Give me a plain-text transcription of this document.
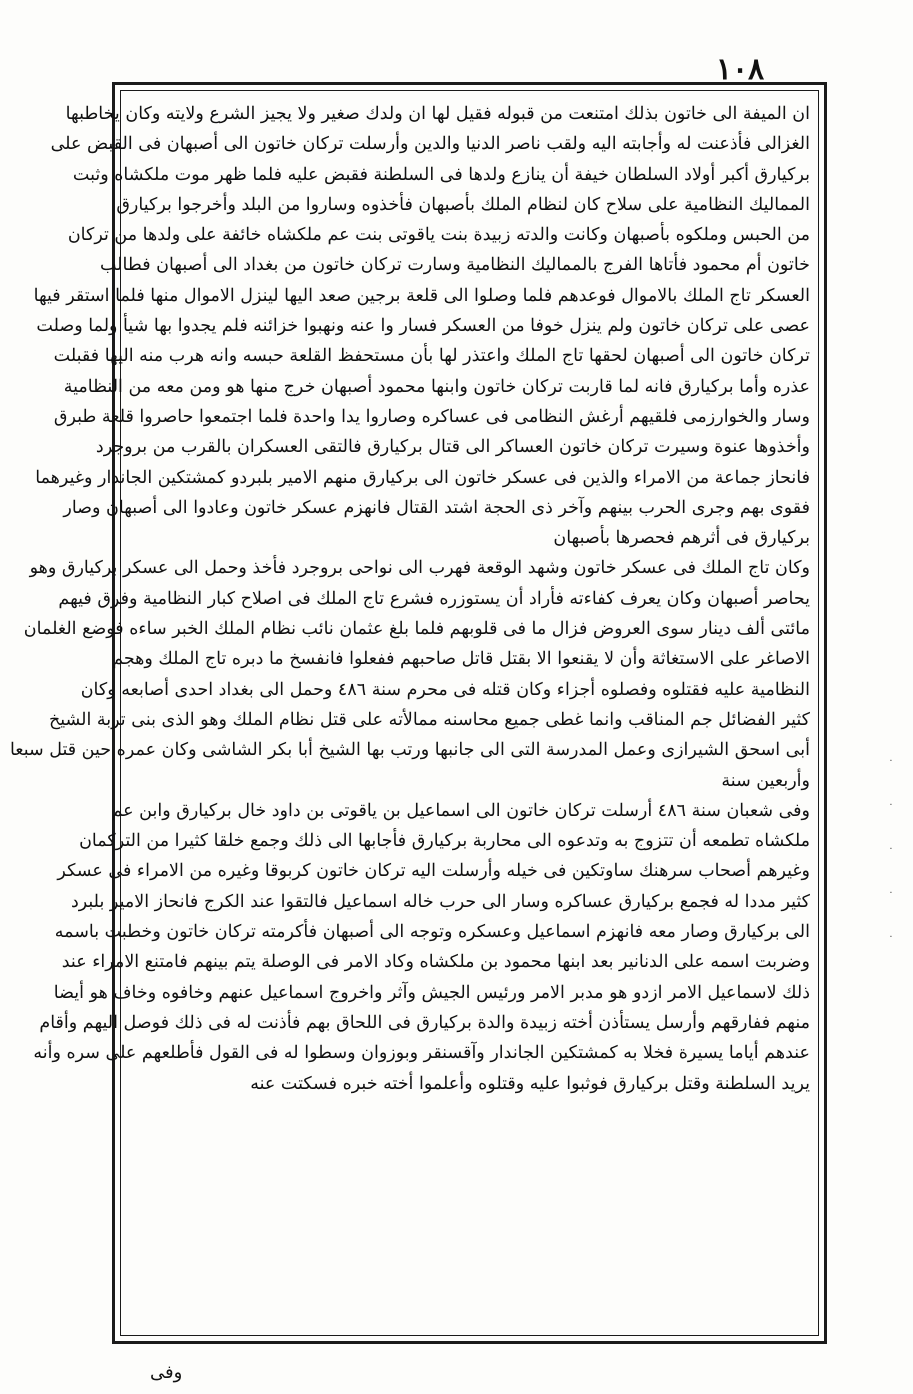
١٠٨
ان الميفة الى خاتون بذلك امتنعت من قبوله فقيل لها ان ولدك صغير ولا يجيز الشرع ولايته وكان يخاطبها
الغزالى فأذعنت له وأجابته اليه ولقب ناصر الدنيا والدين وأرسلت تركان خاتون الى أصبهان فى القبض على
بركيارق أكبر أولاد السلطان خيفة أن ينازع ولدها فى السلطنة فقبض عليه فلما ظهر موت ملكشاه وثبت
المماليك النظامية على سلاح كان لنظام الملك بأصبهان فأخذوه وساروا من البلد وأخرجوا بركيارق
من الحبس وملكوه بأصبهان وكانت والدته زبيدة بنت ياقوتى بنت عم ملكشاه خائفة على ولدها من تركان
خاتون أم محمود فأتاها الفرج بالمماليك النظامية وسارت تركان خاتون من بغداد الى أصبهان فطالب
العسكر تاج الملك بالاموال فوعدهم فلما وصلوا الى قلعة برجين صعد اليها لينزل الاموال منها فلما استقر فيها
عصى على تركان خاتون ولم ينزل خوفا من العسكر فسار وا عنه ونهبوا خزائنه فلم يجدوا بها شيأ ولما وصلت
تركان خاتون الى أصبهان لحقها تاج الملك واعتذر لها بأن مستحفظ القلعة حبسه وانه هرب منه اليها فقبلت
عذره وأما بركيارق فانه لما قاربت تركان خاتون وابنها محمود أصبهان خرج منها هو ومن معه من النظامية
وسار والخوارزمى فلقيهم أرغش النظامى فى عساكره وصاروا يدا واحدة فلما اجتمعوا حاصروا قلعة طبرق
وأخذوها عنوة وسيرت تركان خاتون العساكر الى قتال بركيارق فالتقى العسكران بالقرب من بروجرد
فانحاز جماعة من الامراء والذين فى عسكر خاتون الى بركيارق منهم الامير بلبردو كمشتكين الجاندار وغيرهما
فقوى بهم وجرى الحرب بينهم وآخر ذى الحجة اشتد القتال فانهزم عسكر خاتون وعادوا الى أصبهان وصار
بركيارق فى أثرهم فحصرها بأصبهان
وكان تاج الملك فى عسكر خاتون وشهد الوقعة فهرب الى نواحى بروجرد فأخذ وحمل الى عسكر بركيارق وهو
يحاصر أصبهان وكان يعرف كفاءته فأراد أن يستوزره فشرع تاج الملك فى اصلاح كبار النظامية وفرق فيهم
مائتى ألف دينار سوى العروض فزال ما فى قلوبهم فلما بلغ عثمان نائب نظام الملك الخبر ساءه فوضع الغلمان
الاصاغر على الاستغاثة وأن لا يقنعوا الا بقتل قاتل صاحبهم ففعلوا فانفسخ ما دبره تاج الملك وهجم
النظامية عليه فقتلوه وفصلوه أجزاء وكان قتله فى محرم سنة ٤٨٦ وحمل الى بغداد احدى أصابعه وكان
كثير الفضائل جم المناقب وانما غطى جميع محاسنه ممالأته على قتل نظام الملك وهو الذى بنى تربة الشيخ
أبى اسحق الشيرازى وعمل المدرسة التى الى جانبها ورتب بها الشيخ أبا بكر الشاشى وكان عمره حين قتل سبعا
وأربعين سنة
وفى شعبان سنة ٤٨٦ أرسلت تركان خاتون الى اسماعيل بن ياقوتى بن داود خال بركيارق وابن عم
ملكشاه تطمعه أن تتزوج به وتدعوه الى محاربة بركيارق فأجابها الى ذلك وجمع خلقا كثيرا من التركمان
وغيرهم أصحاب سرهنك ساوتكين فى خيله وأرسلت اليه تركان خاتون كربوقا وغيره من الامراء فى عسكر
كثير مددا له فجمع بركيارق عساكره وسار الى حرب خاله اسماعيل فالتقوا عند الكرج فانحاز الامير بلبرد
الى بركيارق وصار معه فانهزم اسماعيل وعسكره وتوجه الى أصبهان فأكرمته تركان خاتون وخطبت باسمه
وضربت اسمه على الدنانير بعد ابنها محمود بن ملكشاه وكاد الامر فى الوصلة يتم بينهم فامتنع الامراء عند
ذلك لاسماعيل الامر ازدو هو مدبر الامر ورئيس الجيش وآثر واخروج اسماعيل عنهم وخافوه وخاف هو أيضا
منهم ففارقهم وأرسل يستأذن أخته زبيدة والدة بركيارق فى اللحاق بهم فأذنت له فى ذلك فوصل اليهم وأقام
عندهم أياما يسيرة فخلا به كمشتكين الجاندار وآقسنقر وبوزوان وسطوا له فى القول فأطلعهم على سره وأنه
يريد السلطنة وقتل بركيارق فوثبوا عليه وقتلوه وأعلموا أخته خبره فسكتت عنه
·
·
·
·
·
وفى
